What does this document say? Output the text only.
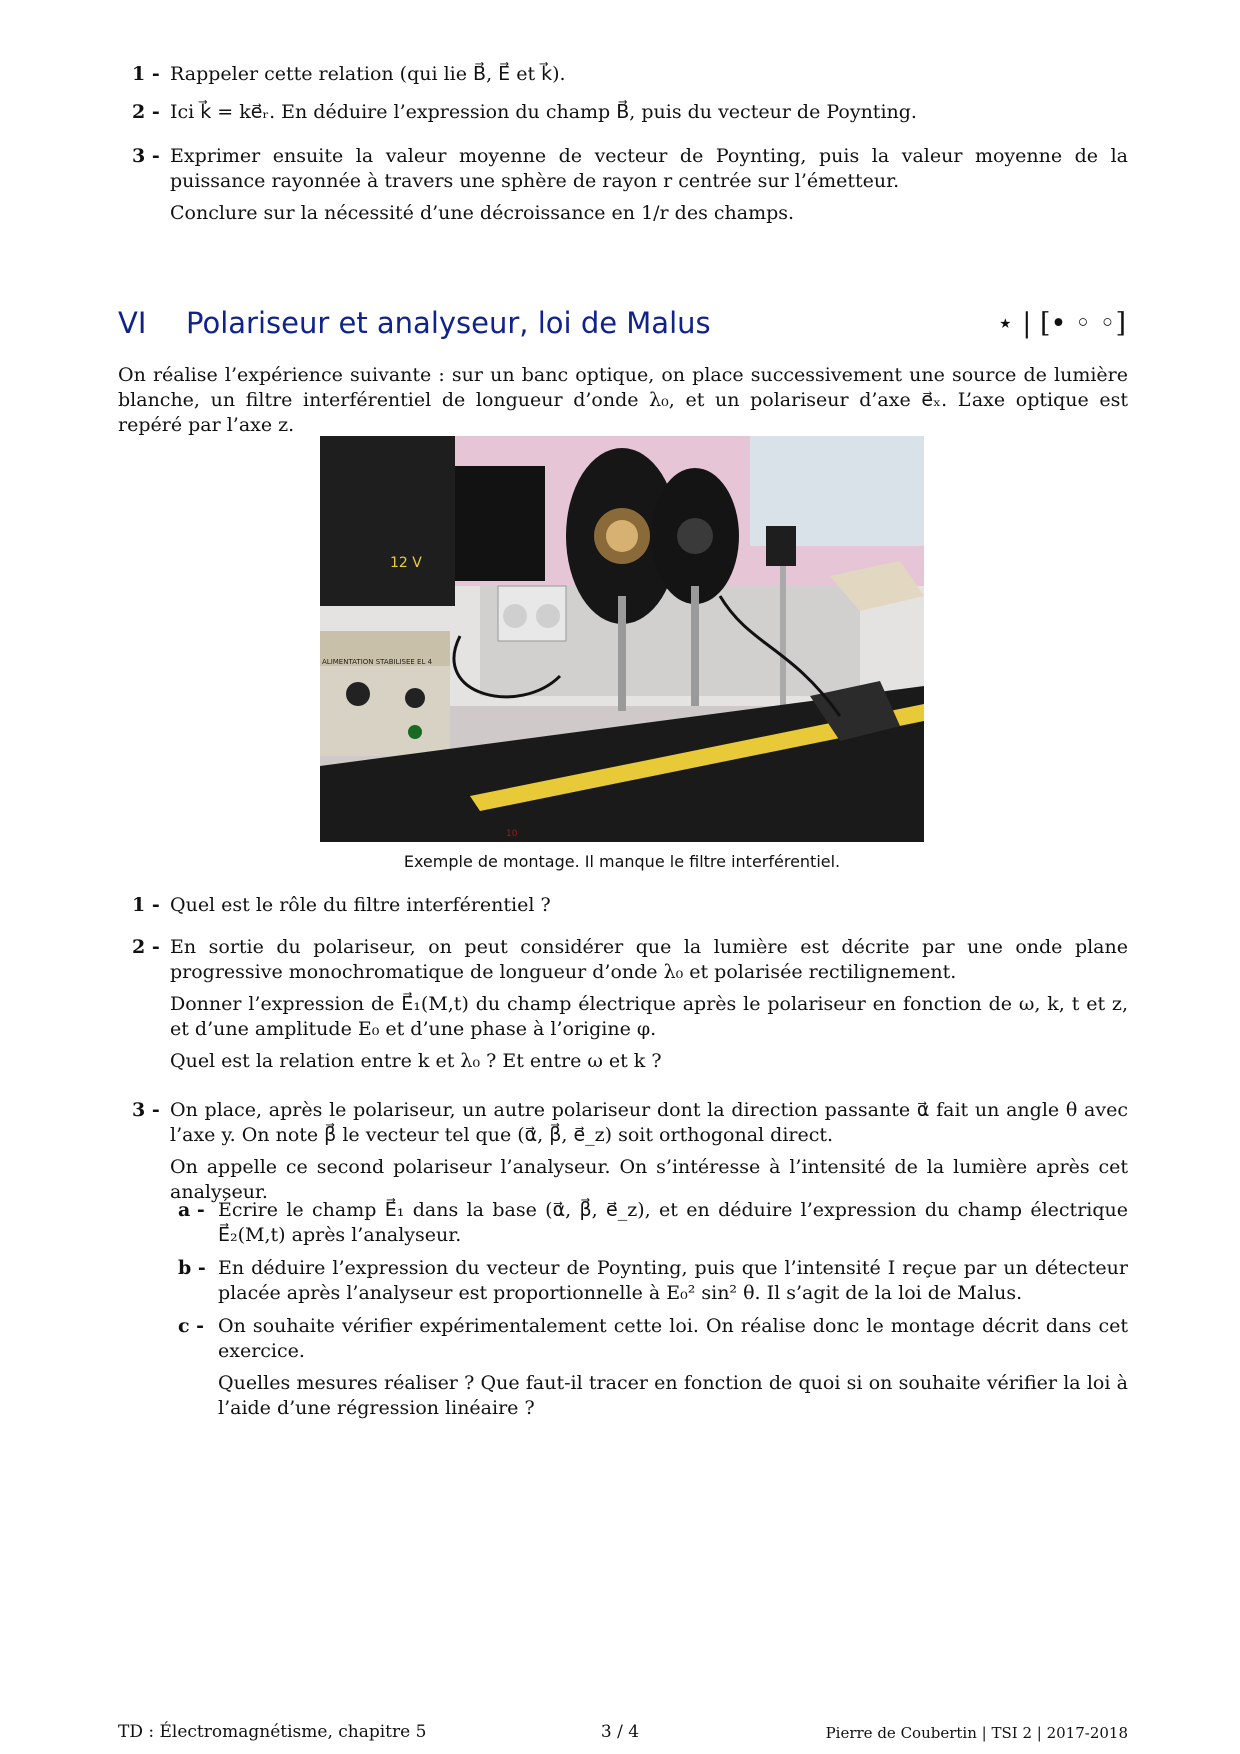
1 - Rappeler cette relation (qui lie B⃗, E⃗ et k⃗).

2 - Ici k⃗ = ke⃗ᵣ. En déduire l’expression du champ B⃗, puis du vecteur de Poynting.

3 - Exprimer ensuite la valeur moyenne de vecteur de Poynting, puis la valeur moyenne de la puissance rayonnée à travers une sphère de rayon r centrée sur l’émetteur.

Conclure sur la nécessité d’une décroissance en 1/r des champs.

VI Polariseur et analyseur, loi de Malus	⋆ | [• ◦ ◦]
On réalise l’expérience suivante : sur un banc optique, on place successivement une source de lumière blanche, un filtre interférentiel de longueur d’onde λ₀, et un polariseur d’axe e⃗ₓ. L’axe optique est repéré par l’axe z.
12 V
ALIMENTATION STABILISEE EL 4
10
Exemple de montage. Il manque le filtre interférentiel.
1 - Quel est le rôle du filtre interférentiel ?

2 - En sortie du polariseur, on peut considérer que la lumière est décrite par une onde plane progressive monochromatique de longueur d’onde λ₀ et polarisée rectilignement.

Donner l’expression de E⃗₁(M,t) du champ électrique après le polariseur en fonction de ω, k, t et z, et d’une amplitude E₀ et d’une phase à l’origine φ.

Quel est la relation entre k et λ₀ ? Et entre ω et k ?

3 - On place, après le polariseur, un autre polariseur dont la direction passante α⃗ fait un angle θ avec l’axe y. On note β⃗ le vecteur tel que (α⃗, β⃗, e⃗_z) soit orthogonal direct.

On appelle ce second polariseur l’analyseur. On s’intéresse à l’intensité de la lumière après cet analyseur.

a - Écrire le champ E⃗₁ dans la base (α⃗, β⃗, e⃗_z), et en déduire l’expression du champ électrique E⃗₂(M,t) après l’analyseur.

b - En déduire l’expression du vecteur de Poynting, puis que l’intensité I reçue par un détecteur placée après l’analyseur est proportionnelle à E₀² sin² θ. Il s’agit de la loi de Malus.

c - On souhaite vérifier expérimentalement cette loi. On réalise donc le montage décrit dans cet exercice.

Quelles mesures réaliser ? Que faut-il tracer en fonction de quoi si on souhaite vérifier la loi à l’aide d’une régression linéaire ?

TD : Électromagnétisme, chapitre 5	3 / 4	Pierre de Coubertin | TSI 2 | 2017-2018
